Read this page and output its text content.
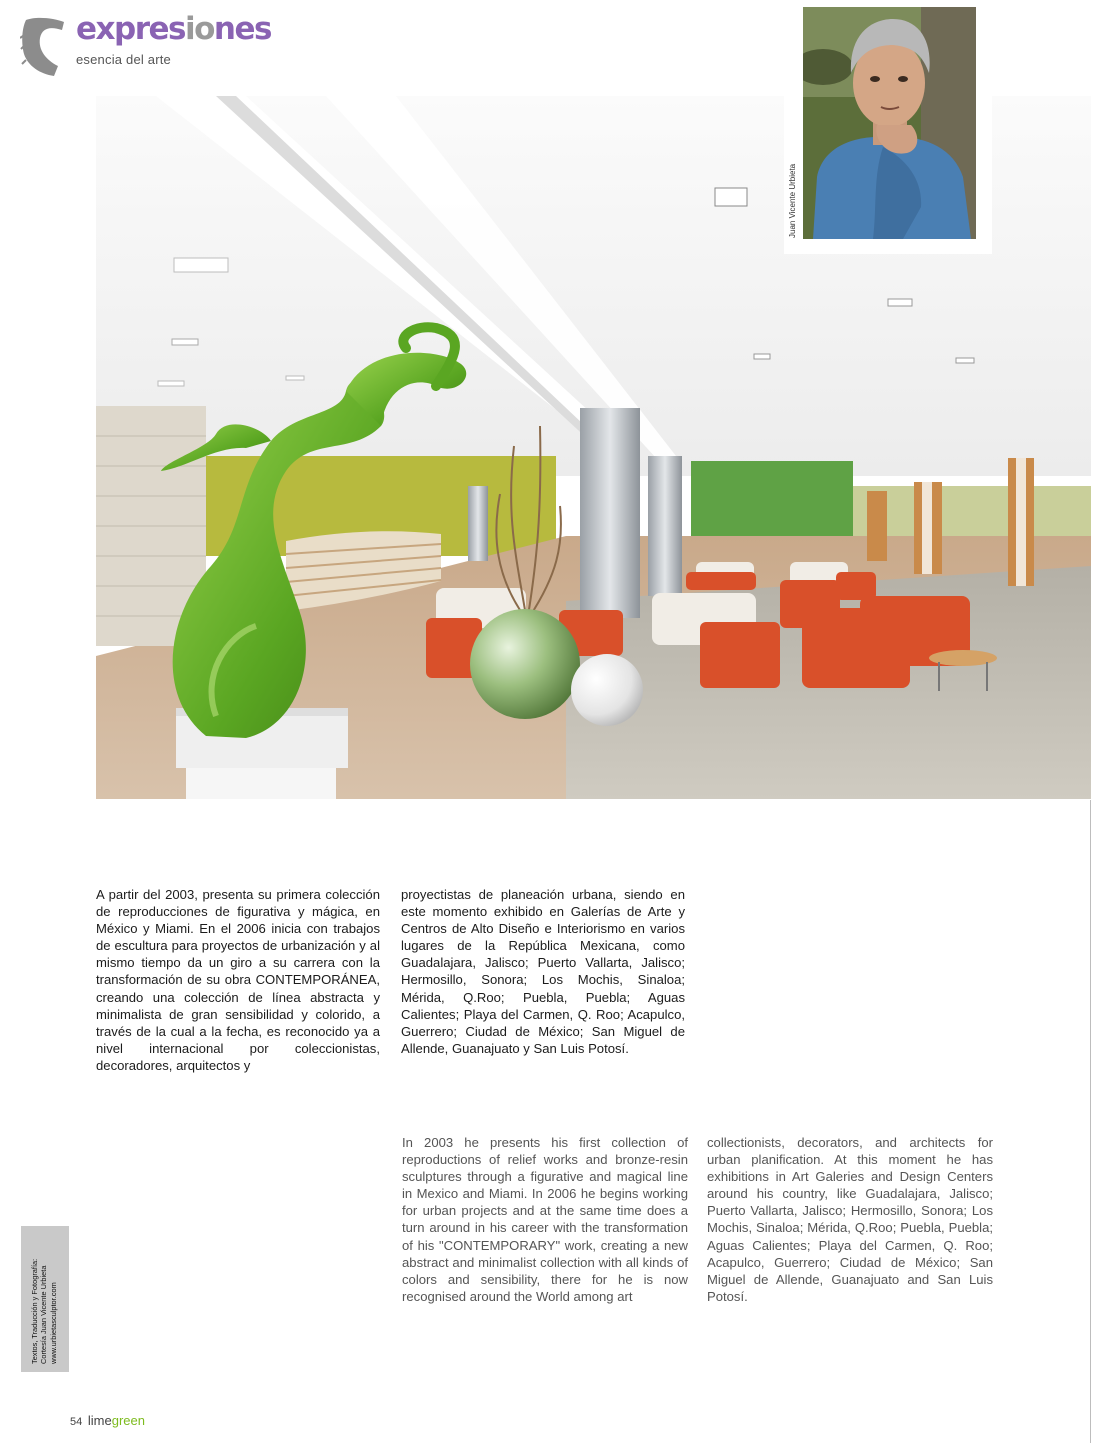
expresiones
esencia del arte
Juan Vicente Urbieta
A partir del 2003, presenta su primera colección de reproducciones de figurativa y mágica, en México y Miami. En el 2006 inicia con trabajos de escultura para proyectos de urbanización y al mismo tiempo da un giro a su carrera con la transformación de su obra CONTEMPORÁNEA, creando una colección de línea abstracta y minimalista de gran sensibilidad y colorido, a través de la cual a la fecha, es reconocido ya a nivel internacional por coleccionistas, decoradores, arquitectos y
proyectistas de planeación urbana, siendo en este momento exhibido en Galerías de Arte y Centros de Alto Diseño e Interiorismo en varios lugares de la República Mexicana, como Guadalajara, Jalisco; Puerto Vallarta, Jalisco; Hermosillo, Sonora; Los Mochis, Sinaloa; Mérida, Q.Roo; Puebla, Puebla; Aguas Calientes; Playa del Carmen, Q. Roo; Acapulco, Guerrero; Ciudad de México; San Miguel de Allende, Guanajuato y San Luis Potosí.
In 2003 he presents his first collection of reproductions of relief works and bronze-resin sculptures through a figurative and magical line in Mexico and Miami. In 2006 he begins working for urban projects and at the same time does a turn around in his career with the transformation of his "CONTEMPORARY" work, creating a new abstract and minimalist collection with all kinds of colors and sensibility, there for he is now recognised around the World among art
collectionists, decorators, and architects for urban planification. At this moment he has exhibitions in Art Galeries and Design Centers around his country, like Guadalajara, Jalisco; Puerto Vallarta, Jalisco; Hermosillo, Sonora; Los Mochis, Sinaloa; Mérida, Q.Roo; Puebla, Puebla; Aguas Calientes; Playa del Carmen, Q. Roo; Acapulco, Guerrero; Ciudad de México; San Miguel de Allende, Guanajuato and San Luis Potosí.
Textos, Traducción y Fotografía: Cortesía Juan Vicente Urbieta www.urbietasculptor.com
54 limegreen
